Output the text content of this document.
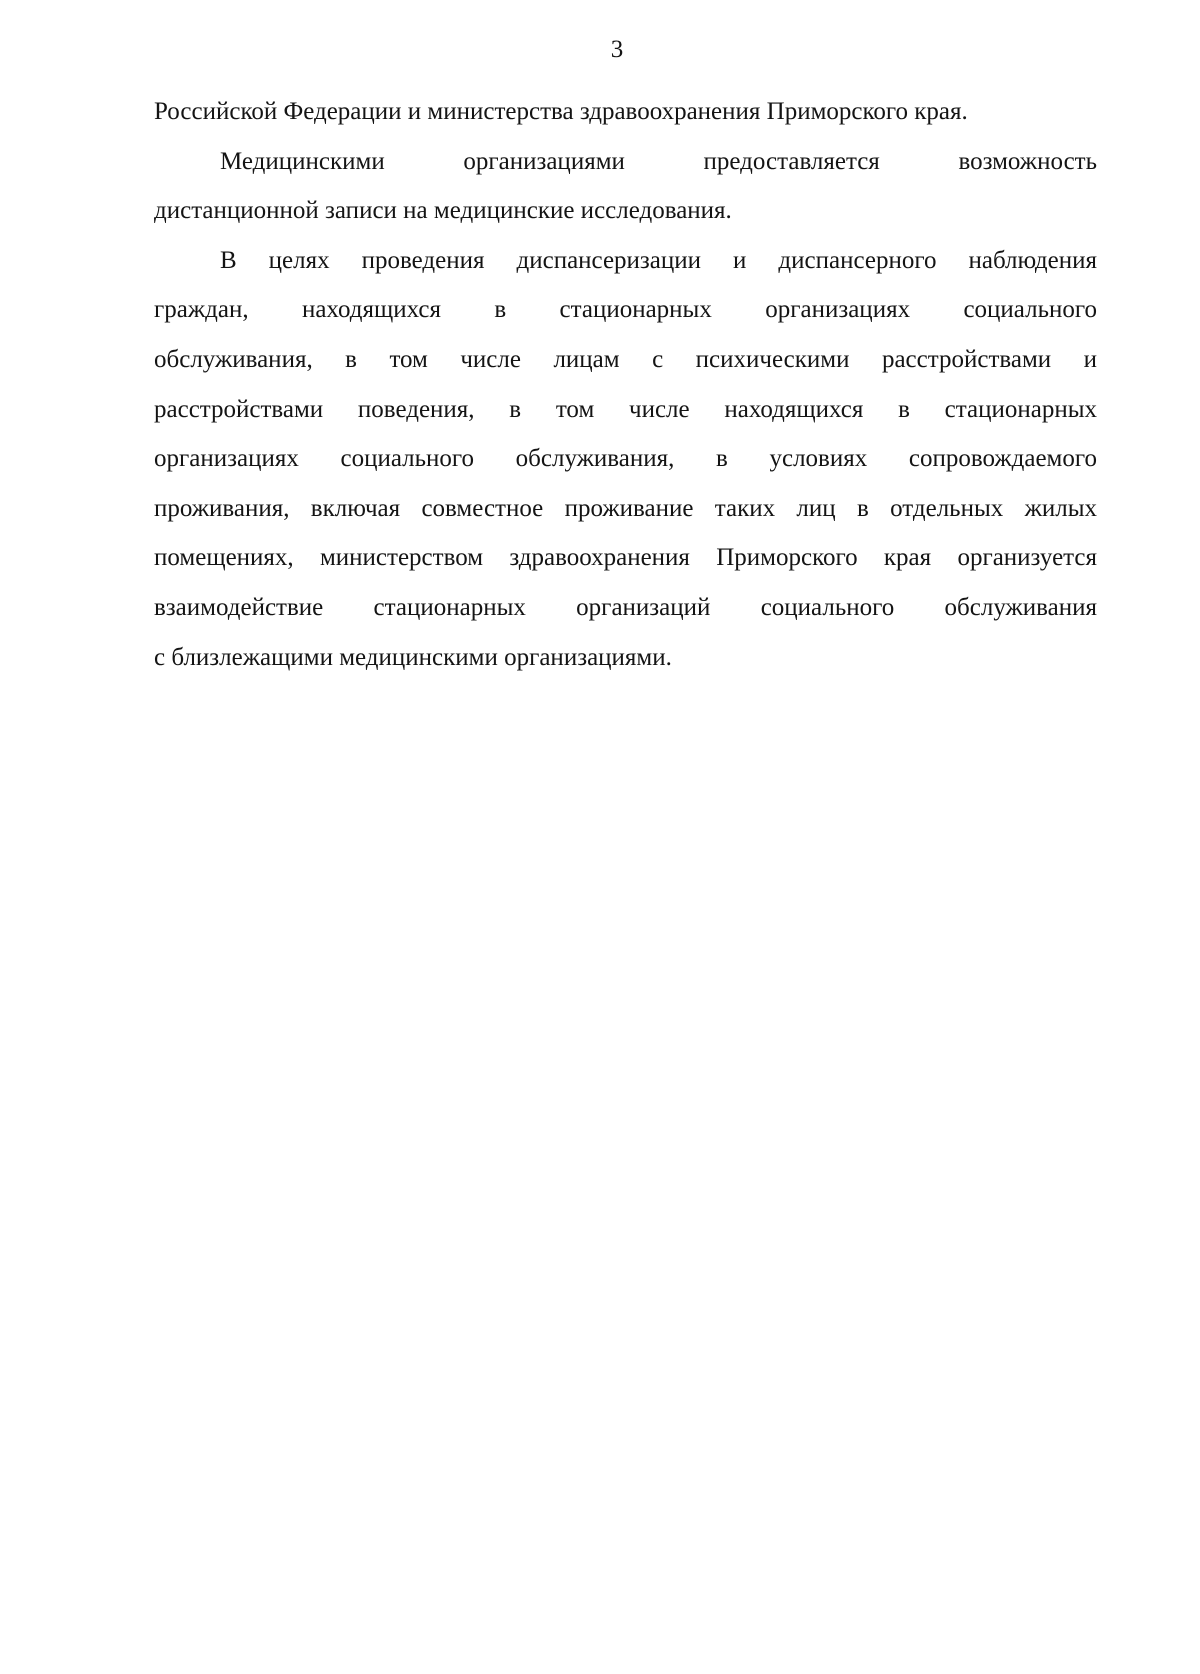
3
Российской Федерации и министерства здравоохранения Приморского края.
Медицинскими организациями предоставляется возможность
дистанционной записи на медицинские исследования.
В целях проведения диспансеризации и диспансерного наблюдения
граждан, находящихся в стационарных организациях социального
обслуживания, в том числе лицам с психическими расстройствами и
расстройствами поведения, в том числе находящихся в стационарных
организациях социального обслуживания, в условиях сопровождаемого
проживания, включая совместное проживание таких лиц в отдельных жилых
помещениях, министерством здравоохранения Приморского края организуется
взаимодействие стационарных организаций социального обслуживания
с близлежащими медицинскими организациями.
